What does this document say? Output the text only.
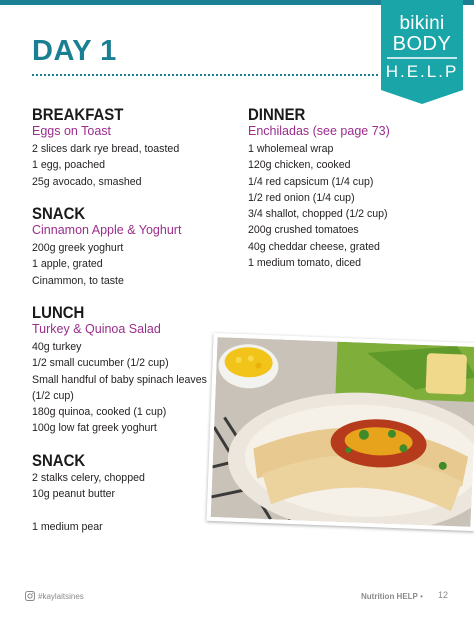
DAY 1
bikini
BODY
H.E.L.P
BREAKFAST
Eggs on Toast
2 slices dark rye bread, toasted
1 egg, poached
25g avocado, smashed
SNACK
Cinnamon Apple & Yoghurt
200g greek yoghurt
1 apple, grated
Cinammon, to taste
LUNCH
Turkey & Quinoa Salad
40g turkey
1/2 small cucumber (1/2 cup)
Small handful of baby spinach leaves
(1/2 cup)
180g quinoa, cooked (1 cup)
100g low fat greek yoghurt
SNACK
2 stalks celery, chopped
10g peanut butter
1 medium pear
DINNER
Enchiladas (see page 73)
1 wholemeal wrap
120g chicken, cooked
1/4 red capsicum (1/4 cup)
1/2 red onion (1/4 cup)
3/4 shallot, chopped (1/2 cup)
200g crushed tomatoes
40g cheddar cheese, grated
1 medium tomato, diced
#kaylaitsines	Nutrition HELP • 12
